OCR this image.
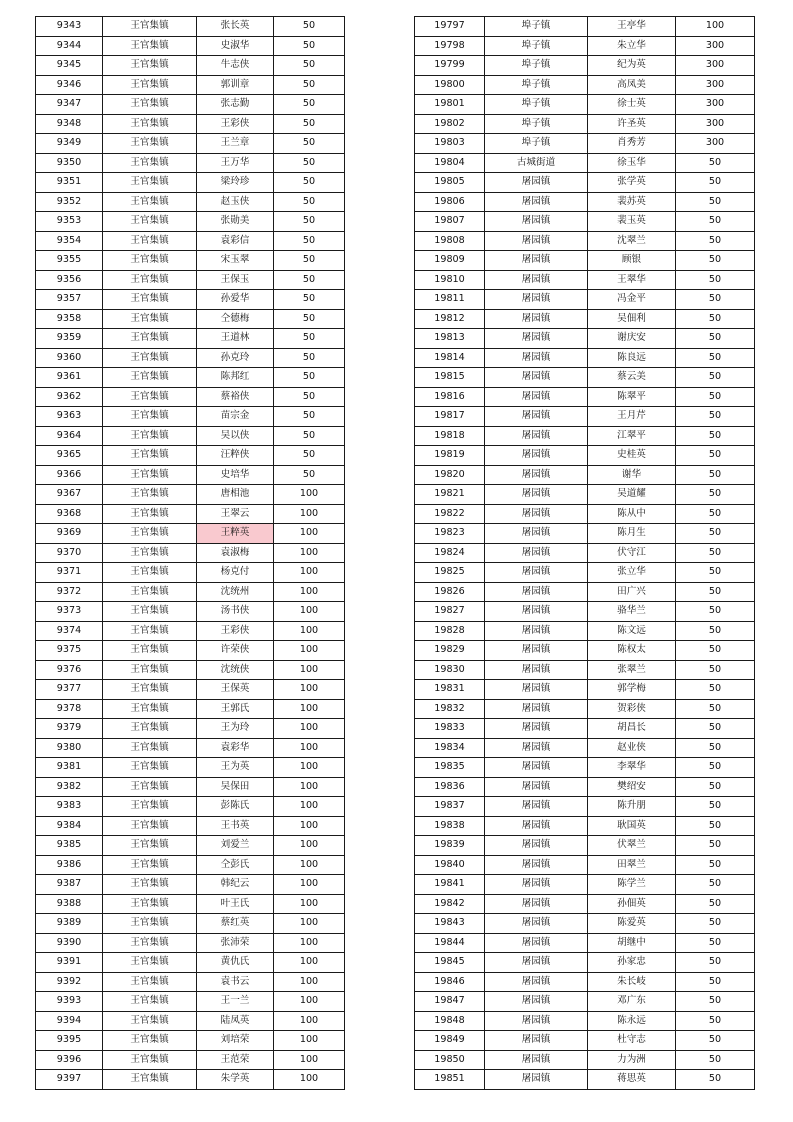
9343	王官集镇	张长英	50
9344	王官集镇	史淑华	50
9345	王官集镇	牛志侠	50
9346	王官集镇	郭训章	50
9347	王官集镇	张志勤	50
9348	王官集镇	王彩侠	50
9349	王官集镇	王兰章	50
9350	王官集镇	王万华	50
9351	王官集镇	梁玲珍	50
9352	王官集镇	赵玉侠	50
9353	王官集镇	张勋美	50
9354	王官集镇	袁彩信	50
9355	王官集镇	宋玉翠	50
9356	王官集镇	王保玉	50
9357	王官集镇	孙爱华	50
9358	王官集镇	仝德梅	50
9359	王官集镇	王道林	50
9360	王官集镇	孙克玲	50
9361	王官集镇	陈邦红	50
9362	王官集镇	蔡裕侠	50
9363	王官集镇	苗宗金	50
9364	王官集镇	吴以侠	50
9365	王官集镇	汪粹侠	50
9366	王官集镇	史培华	50
9367	王官集镇	唐相池	100
9368	王官集镇	王翠云	100
9369	王官集镇	王粹英	100
9370	王官集镇	袁淑梅	100
9371	王官集镇	杨克付	100
9372	王官集镇	沈统州	100
9373	王官集镇	汤书侠	100
9374	王官集镇	王彩侠	100
9375	王官集镇	许荣侠	100
9376	王官集镇	沈统侠	100
9377	王官集镇	王保英	100
9378	王官集镇	王郭氏	100
9379	王官集镇	王为玲	100
9380	王官集镇	袁彩华	100
9381	王官集镇	王为英	100
9382	王官集镇	吴保田	100
9383	王官集镇	彭陈氏	100
9384	王官集镇	王书英	100
9385	王官集镇	刘爱兰	100
9386	王官集镇	仝彭氏	100
9387	王官集镇	韩纪云	100
9388	王官集镇	叶王氏	100
9389	王官集镇	蔡红英	100
9390	王官集镇	张沛荣	100
9391	王官集镇	黄仇氏	100
9392	王官集镇	袁书云	100
9393	王官集镇	王一兰	100
9394	王官集镇	陆凤英	100
9395	王官集镇	刘培荣	100
9396	王官集镇	王范荣	100
9397	王官集镇	朱学英	100
19797	埠子镇	王亭华	100
19798	埠子镇	朱立华	300
19799	埠子镇	纪为英	300
19800	埠子镇	高凤美	300
19801	埠子镇	徐士英	300
19802	埠子镇	许圣英	300
19803	埠子镇	肖秀芳	300
19804	古城街道	徐玉华	50
19805	屠园镇	张学英	50
19806	屠园镇	裴苏英	50
19807	屠园镇	裴玉英	50
19808	屠园镇	沈翠兰	50
19809	屠园镇	顾银	50
19810	屠园镇	王翠华	50
19811	屠园镇	冯金平	50
19812	屠园镇	吴佃利	50
19813	屠园镇	谢庆安	50
19814	屠园镇	陈良远	50
19815	屠园镇	蔡云美	50
19816	屠园镇	陈翠平	50
19817	屠园镇	王月芹	50
19818	屠园镇	江翠平	50
19819	屠园镇	史桂英	50
19820	屠园镇	谢华	50
19821	屠园镇	吴道耀	50
19822	屠园镇	陈从中	50
19823	屠园镇	陈月生	50
19824	屠园镇	伏守江	50
19825	屠园镇	张立华	50
19826	屠园镇	田广兴	50
19827	屠园镇	骆华兰	50
19828	屠园镇	陈文远	50
19829	屠园镇	陈权太	50
19830	屠园镇	张翠兰	50
19831	屠园镇	郭学梅	50
19832	屠园镇	贺彩侠	50
19833	屠园镇	胡昌长	50
19834	屠园镇	赵业侠	50
19835	屠园镇	李翠华	50
19836	屠园镇	樊绍安	50
19837	屠园镇	陈升朋	50
19838	屠园镇	耿国英	50
19839	屠园镇	伏翠兰	50
19840	屠园镇	田翠兰	50
19841	屠园镇	陈学兰	50
19842	屠园镇	孙佃英	50
19843	屠园镇	陈爱英	50
19844	屠园镇	胡继中	50
19845	屠园镇	孙家忠	50
19846	屠园镇	朱长岐	50
19847	屠园镇	邓广东	50
19848	屠园镇	陈永远	50
19849	屠园镇	杜守志	50
19850	屠园镇	力为洲	50
19851	屠园镇	蒋思英	50
